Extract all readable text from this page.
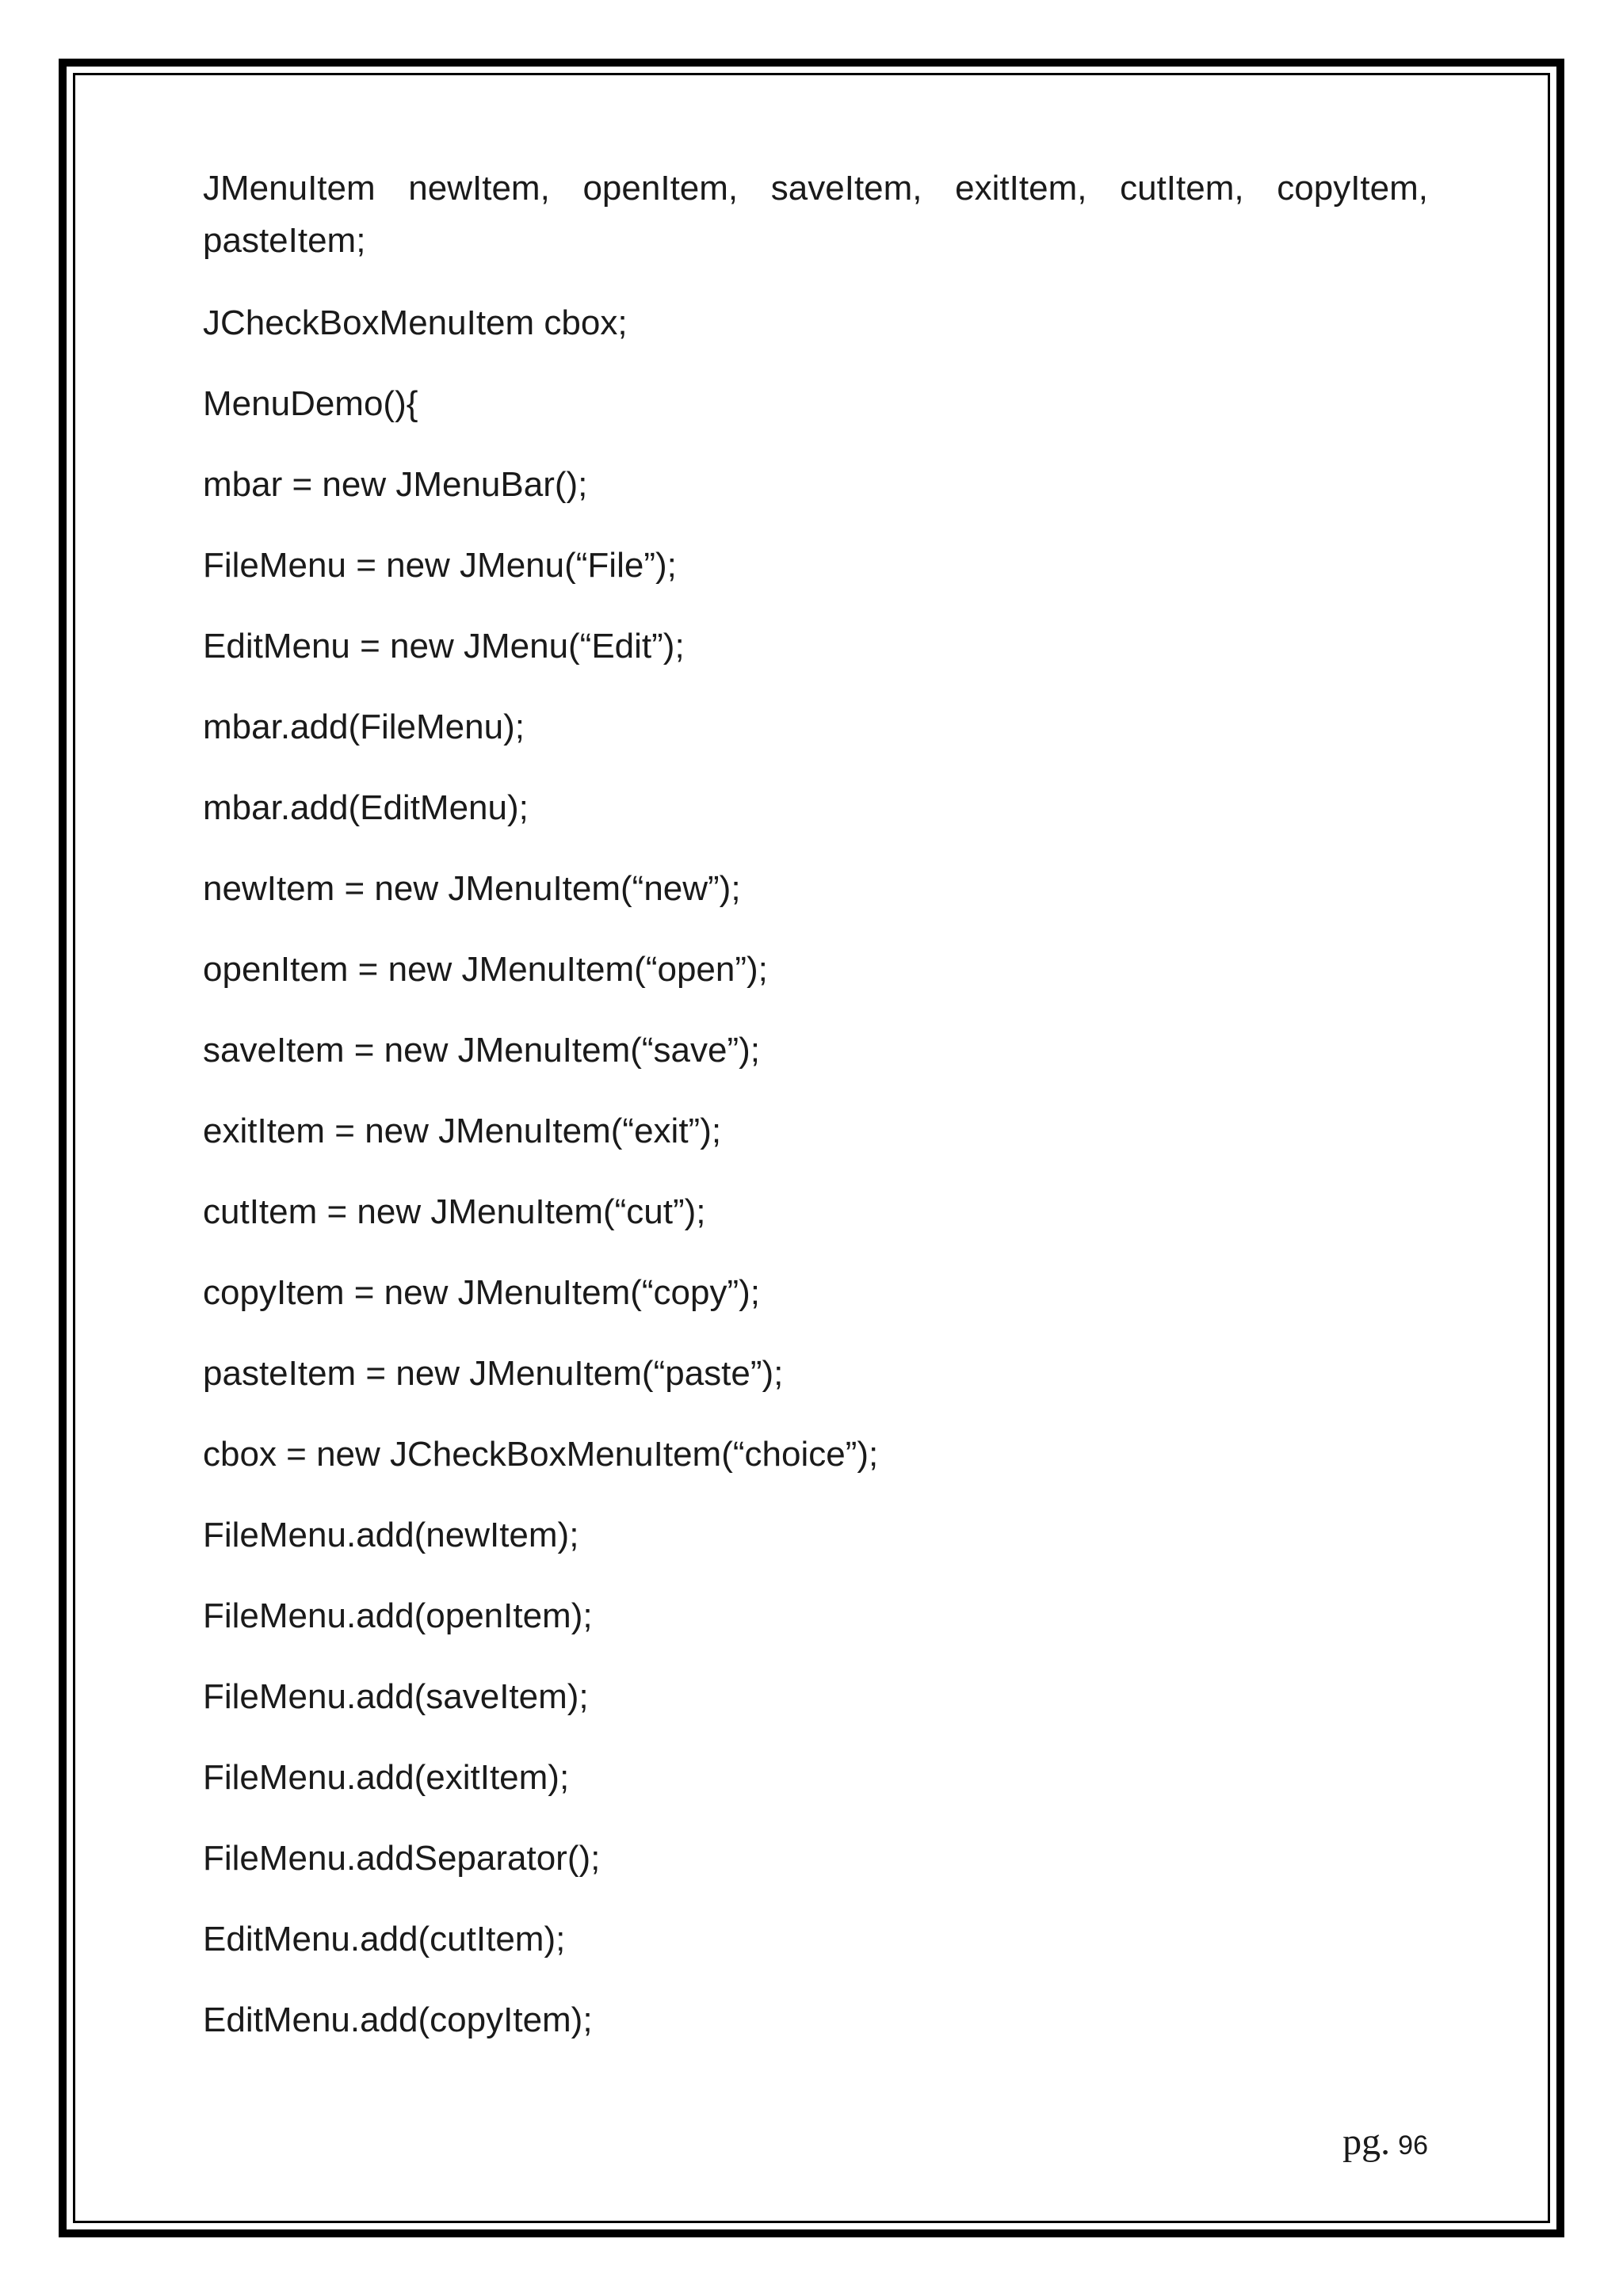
JMenuItem newItem, openItem, saveItem, exitItem, cutItem, copyItem, pasteItem;

JCheckBoxMenuItem cbox;

MenuDemo(){

mbar = new JMenuBar();

FileMenu = new JMenu(“File”);

EditMenu = new JMenu(“Edit”);

mbar.add(FileMenu);

mbar.add(EditMenu);

newItem = new JMenuItem(“new”);

openItem = new JMenuItem(“open”);

saveItem = new JMenuItem(“save”);

exitItem = new JMenuItem(“exit”);

cutItem = new JMenuItem(“cut”);

copyItem = new JMenuItem(“copy”);

pasteItem = new JMenuItem(“paste”);

cbox = new JCheckBoxMenuItem(“choice”);

FileMenu.add(newItem);

FileMenu.add(openItem);

FileMenu.add(saveItem);

FileMenu.add(exitItem);

FileMenu.addSeparator();

EditMenu.add(cutItem);

EditMenu.add(copyItem);

pg. 96
